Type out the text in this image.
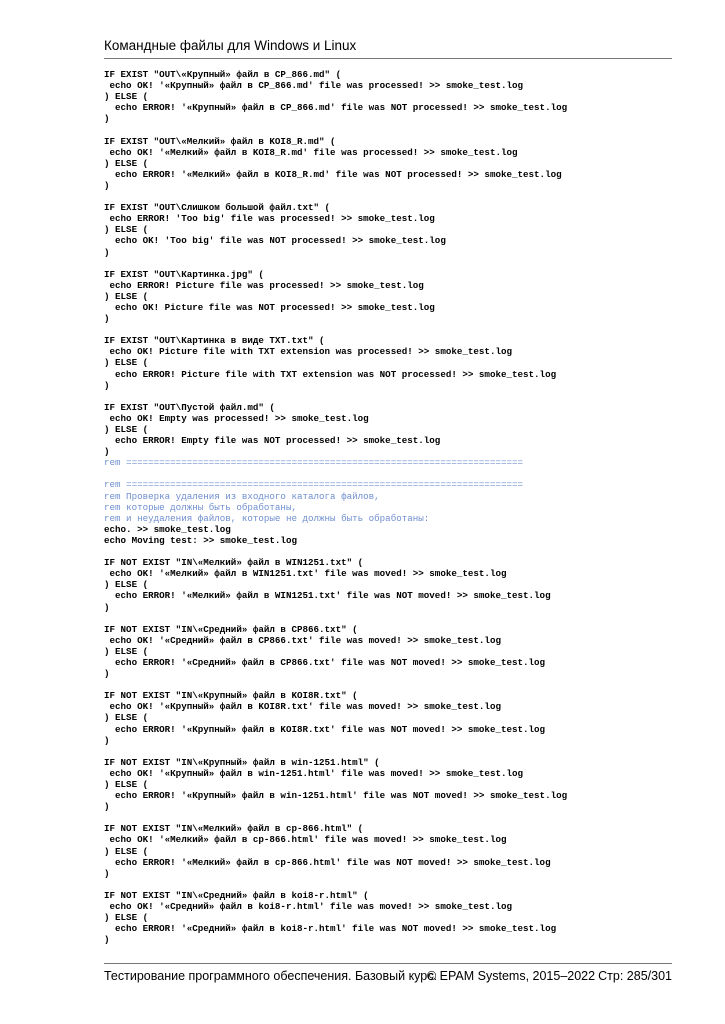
Командные файлы для Windows и Linux
IF EXIST "OUT\«Крупный» файл в CP_866.md" (
echo OK! '«Крупный» файл в CP_866.md' file was processed! >> smoke_test.log
) ELSE (
echo ERROR! '«Крупный» файл в CP_866.md' file was NOT processed! >> smoke_test.log
)
IF EXIST "OUT\«Мелкий» файл в KOI8_R.md" (
echo OK! '«Мелкий» файл в KOI8_R.md' file was processed! >> smoke_test.log
) ELSE (
echo ERROR! '«Мелкий» файл в KOI8_R.md' file was NOT processed! >> smoke_test.log
)
IF EXIST "OUT\Слишком большой файл.txt" (
echo ERROR! 'Too big' file was processed! >> smoke_test.log
) ELSE (
echo OK! 'Too big' file was NOT processed! >> smoke_test.log
)
IF EXIST "OUT\Картинка.jpg" (
echo ERROR! Picture file was processed! >> smoke_test.log
) ELSE (
echo OK! Picture file was NOT processed! >> smoke_test.log
)
IF EXIST "OUT\Картинка в виде TXT.txt" (
echo OK! Picture file with TXT extension was processed! >> smoke_test.log
) ELSE (
echo ERROR! Picture file with TXT extension was NOT processed! >> smoke_test.log
)
IF EXIST "OUT\Пустой файл.md" (
echo OK! Empty was processed! >> smoke_test.log
) ELSE (
echo ERROR! Empty file was NOT processed! >> smoke_test.log
)
rem ========================================================================
rem ========================================================================
rem Проверка удаления из входного каталога файлов,
rem которые должны быть обработаны,
rem и неудаления файлов, которые не должны быть обработаны:
echo. >> smoke_test.log
echo Moving test: >> smoke_test.log
IF NOT EXIST "IN\«Мелкий» файл в WIN1251.txt" (
echo OK! '«Мелкий» файл в WIN1251.txt' file was moved! >> smoke_test.log
) ELSE (
echo ERROR! '«Мелкий» файл в WIN1251.txt' file was NOT moved! >> smoke_test.log
)
IF NOT EXIST "IN\«Средний» файл в CP866.txt" (
echo OK! '«Средний» файл в CP866.txt' file was moved! >> smoke_test.log
) ELSE (
echo ERROR! '«Средний» файл в CP866.txt' file was NOT moved! >> smoke_test.log
)
IF NOT EXIST "IN\«Крупный» файл в KOI8R.txt" (
echo OK! '«Крупный» файл в KOI8R.txt' file was moved! >> smoke_test.log
) ELSE (
echo ERROR! '«Крупный» файл в KOI8R.txt' file was NOT moved! >> smoke_test.log
)
IF NOT EXIST "IN\«Крупный» файл в win-1251.html" (
echo OK! '«Крупный» файл в win-1251.html' file was moved! >> smoke_test.log
) ELSE (
echo ERROR! '«Крупный» файл в win-1251.html' file was NOT moved! >> smoke_test.log
)
IF NOT EXIST "IN\«Мелкий» файл в cp-866.html" (
echo OK! '«Мелкий» файл в cp-866.html' file was moved! >> smoke_test.log
) ELSE (
echo ERROR! '«Мелкий» файл в cp-866.html' file was NOT moved! >> smoke_test.log
)
IF NOT EXIST "IN\«Средний» файл в koi8-r.html" (
echo OK! '«Средний» файл в koi8-r.html' file was moved! >> smoke_test.log
) ELSE (
echo ERROR! '«Средний» файл в koi8-r.html' file was NOT moved! >> smoke_test.log
)
Тестирование программного обеспечения. Базовый курс.
© EPAM Systems, 2015–2022 Стр: 285/301
